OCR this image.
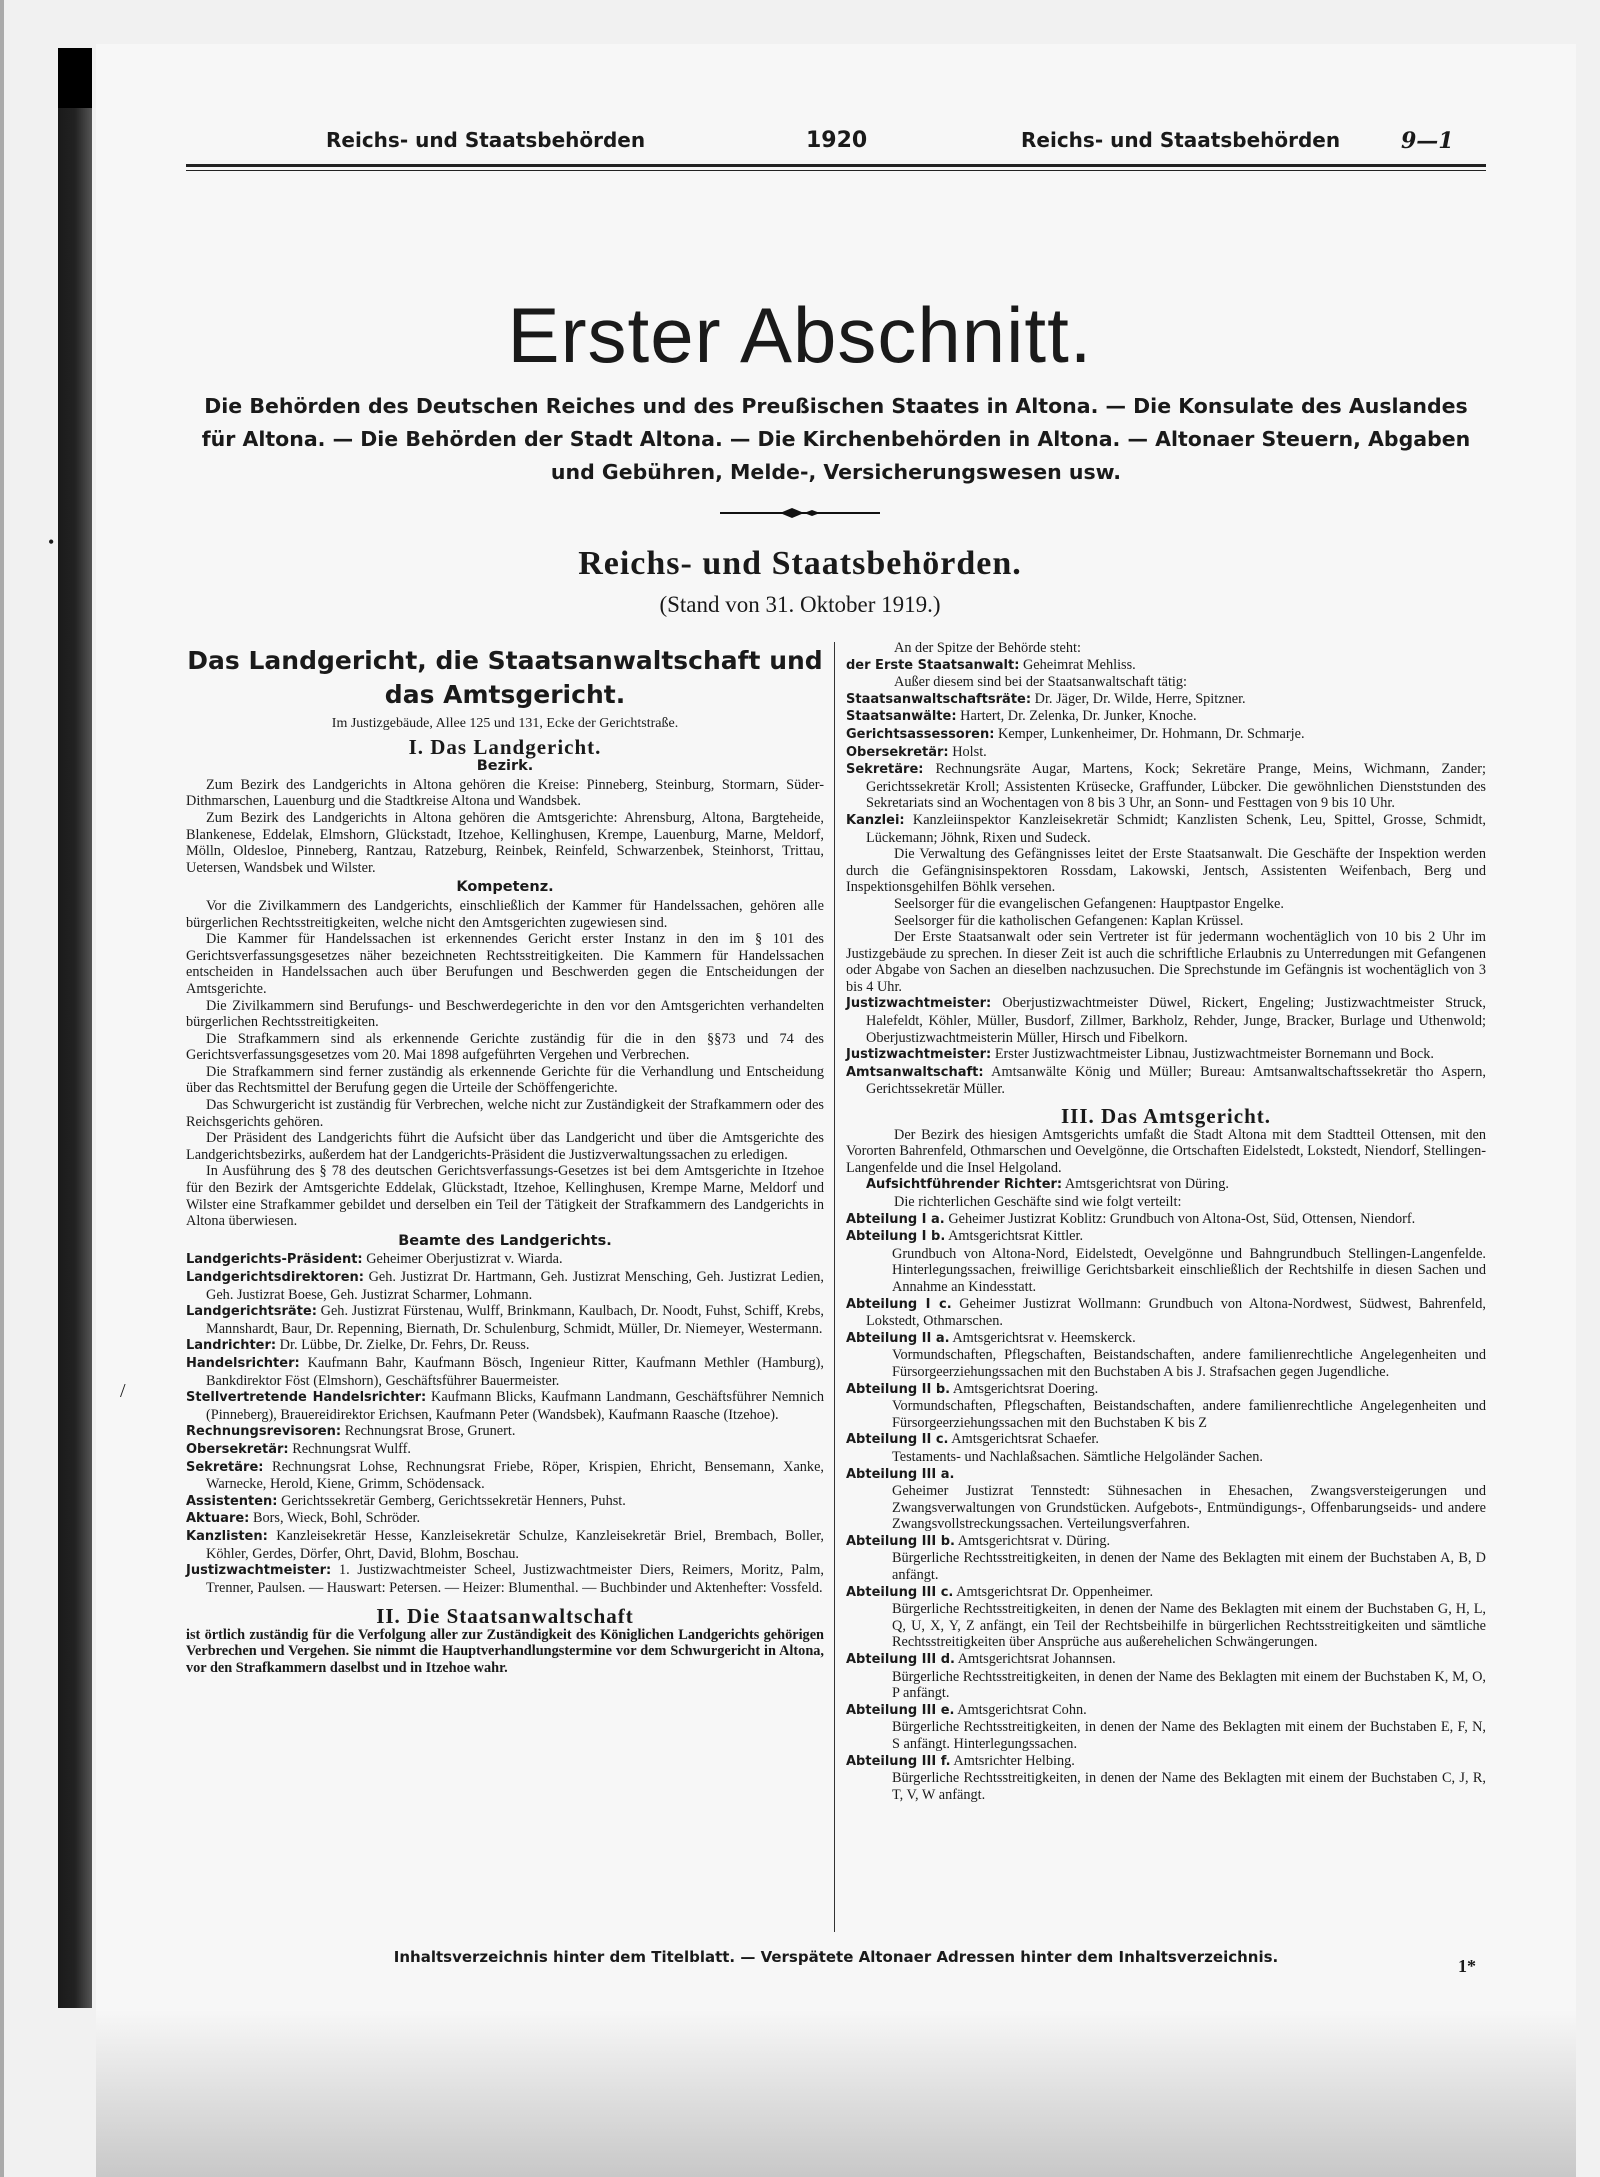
Reichs- und Staatsbehörden	1920	Reichs- und Staatsbehörden	9—1
Erster Abschnitt.
Die Behörden des Deutschen Reiches und des Preußischen Staates in Altona. — Die Konsulate des Auslandes für Altona. — Die Behörden der Stadt Altona. — Die Kirchenbehörden in Altona. — Altonaer Steuern, Abgaben und Gebühren, Melde-, Versicherungswesen usw.
Reichs- und Staatsbehörden.
(Stand von 31. Oktober 1919.)
Das Landgericht, die Staatsanwaltschaft und das Amtsgericht.
Im Justizgebäude, Allee 125 und 131, Ecke der Gerichtstraße.
I. Das Landgericht.
Bezirk.

Zum Bezirk des Landgerichts in Altona gehören die Kreise: Pinneberg, Steinburg, Stormarn, Süder-Dithmarschen, Lauenburg und die Stadtkreise Altona und Wandsbek.

Zum Bezirk des Landgerichts in Altona gehören die Amtsgerichte: Ahrensburg, Altona, Bargteheide, Blankenese, Eddelak, Elmshorn, Glückstadt, Itzehoe, Kellinghusen, Krempe, Lauenburg, Marne, Meldorf, Mölln, Oldesloe, Pinneberg, Rantzau, Ratzeburg, Reinbek, Reinfeld, Schwarzenbek, Steinhorst, Trittau, Uetersen, Wandsbek und Wilster.

Kompetenz.

Vor die Zivilkammern des Landgerichts, einschließlich der Kammer für Handelssachen, gehören alle bürgerlichen Rechtsstreitigkeiten, welche nicht den Amtsgerichten zugewiesen sind.

Die Kammer für Handelssachen ist erkennendes Gericht erster Instanz in den im § 101 des Gerichtsverfassungsgesetzes näher bezeichneten Rechtsstreitigkeiten. Die Kammern für Handelssachen entscheiden in Handelssachen auch über Berufungen und Beschwerden gegen die Entscheidungen der Amtsgerichte.

Die Zivilkammern sind Berufungs- und Beschwerdegerichte in den vor den Amtsgerichten verhandelten bürgerlichen Rechtsstreitigkeiten.

Die Strafkammern sind als erkennende Gerichte zuständig für die in den §§73 und 74 des Gerichtsverfassungsgesetzes vom 20. Mai 1898 aufgeführten Vergehen und Verbrechen.

Die Strafkammern sind ferner zuständig als erkennende Gerichte für die Verhandlung und Entscheidung über das Rechtsmittel der Berufung gegen die Urteile der Schöffengerichte.

Das Schwurgericht ist zuständig für Verbrechen, welche nicht zur Zuständigkeit der Strafkammern oder des Reichsgerichts gehören.

Der Präsident des Landgerichts führt die Aufsicht über das Landgericht und über die Amtsgerichte des Landgerichtsbezirks, außerdem hat der Landgerichts-Präsident die Justizverwaltungssachen zu erledigen.

In Ausführung des § 78 des deutschen Gerichtsverfassungs-Gesetzes ist bei dem Amtsgerichte in Itzehoe für den Bezirk der Amtsgerichte Eddelak, Glückstadt, Itzehoe, Kellinghusen, Krempe Marne, Meldorf und Wilster eine Strafkammer gebildet und derselben ein Teil der Tätigkeit der Strafkammern des Landgerichts in Altona überwiesen.

Beamte des Landgerichts.

Landgerichts-Präsident: Geheimer Oberjustizrat v. Wiarda.

Landgerichtsdirektoren: Geh. Justizrat Dr. Hartmann, Geh. Justizrat Mensching, Geh. Justizrat Ledien, Geh. Justizrat Boese, Geh. Justizrat Scharmer, Lohmann.

Landgerichtsräte: Geh. Justizrat Fürstenau, Wulff, Brinkmann, Kaulbach, Dr. Noodt, Fuhst, Schiff, Krebs, Mannshardt, Baur, Dr. Repenning, Biernath, Dr. Schulenburg, Schmidt, Müller, Dr. Niemeyer, Westermann.

Landrichter: Dr. Lübbe, Dr. Zielke, Dr. Fehrs, Dr. Reuss.

Handelsrichter: Kaufmann Bahr, Kaufmann Bösch, Ingenieur Ritter, Kaufmann Methler (Hamburg), Bankdirektor Föst (Elmshorn), Geschäftsführer Bauermeister.

Stellvertretende Handelsrichter: Kaufmann Blicks, Kaufmann Landmann, Geschäftsführer Nemnich (Pinneberg), Brauereidirektor Erichsen, Kaufmann Peter (Wandsbek), Kaufmann Raasche (Itzehoe).

Rechnungsrevisoren: Rechnungsrat Brose, Grunert.

Obersekretär: Rechnungsrat Wulff.

Sekretäre: Rechnungsrat Lohse, Rechnungsrat Friebe, Röper, Krispien, Ehricht, Bensemann, Xanke, Warnecke, Herold, Kiene, Grimm, Schödensack.

Assistenten: Gerichtssekretär Gemberg, Gerichtssekretär Henners, Puhst.

Aktuare: Bors, Wieck, Bohl, Schröder.

Kanzlisten: Kanzleisekretär Hesse, Kanzleisekretär Schulze, Kanzleisekretär Briel, Brembach, Boller, Köhler, Gerdes, Dörfer, Ohrt, David, Blohm, Boschau.

Justizwachtmeister: 1. Justizwachtmeister Scheel, Justizwachtmeister Diers, Reimers, Moritz, Palm, Trenner, Paulsen. — Hauswart: Petersen. — Heizer: Blumenthal. — Buchbinder und Aktenhefter: Vossfeld.

II. Die Staatsanwaltschaft

ist örtlich zuständig für die Verfolgung aller zur Zuständigkeit des Königlichen Landgerichts gehörigen Verbrechen und Vergehen. Sie nimmt die Hauptverhandlungstermine vor dem Schwurgericht in Altona, vor den Strafkammern daselbst und in Itzehoe wahr.

An der Spitze der Behörde steht:

der Erste Staatsanwalt: Geheimrat Mehliss.

Außer diesem sind bei der Staatsanwaltschaft tätig:

Staatsanwaltschaftsräte: Dr. Jäger, Dr. Wilde, Herre, Spitzner.

Staatsanwälte: Hartert, Dr. Zelenka, Dr. Junker, Knoche.

Gerichtsassessoren: Kemper, Lunkenheimer, Dr. Hohmann, Dr. Schmarje.

Obersekretär: Holst.

Sekretäre: Rechnungsräte Augar, Martens, Kock; Sekretäre Prange, Meins, Wichmann, Zander; Gerichtssekretär Kroll; Assistenten Krüsecke, Graffunder, Lübcker. Die gewöhnlichen Dienststunden des Sekretariats sind an Wochentagen von 8 bis 3 Uhr, an Sonn- und Festtagen von 9 bis 10 Uhr.

Kanzlei: Kanzleiinspektor Kanzleisekretär Schmidt; Kanzlisten Schenk, Leu, Spittel, Grosse, Schmidt, Lückemann; Jöhnk, Rixen und Sudeck.

Die Verwaltung des Gefängnisses leitet der Erste Staatsanwalt. Die Geschäfte der Inspektion werden durch die Gefängnisinspektoren Rossdam, Lakowski, Jentsch, Assistenten Weifenbach, Berg und Inspektionsgehilfen Böhlk versehen.

Seelsorger für die evangelischen Gefangenen: Hauptpastor Engelke.

Seelsorger für die katholischen Gefangenen: Kaplan Krüssel.

Der Erste Staatsanwalt oder sein Vertreter ist für jedermann wochentäglich von 10 bis 2 Uhr im Justizgebäude zu sprechen. In dieser Zeit ist auch die schriftliche Erlaubnis zu Unterredungen mit Gefangenen oder Abgabe von Sachen an dieselben nachzusuchen. Die Sprechstunde im Gefängnis ist wochentäglich von 3 bis 4 Uhr.

Justizwachtmeister: Oberjustizwachtmeister Düwel, Rickert, Engeling; Justizwachtmeister Struck, Halefeldt, Köhler, Müller, Busdorf, Zillmer, Barkholz, Rehder, Junge, Bracker, Burlage und Uthenwold; Oberjustizwachtmeisterin Müller, Hirsch und Fibelkorn.

Justizwachtmeister: Erster Justizwachtmeister Libnau, Justizwachtmeister Bornemann und Bock.

Amtsanwaltschaft: Amtsanwälte König und Müller; Bureau: Amtsanwaltschaftssekretär tho Aspern, Gerichtssekretär Müller.

III. Das Amtsgericht.

Der Bezirk des hiesigen Amtsgerichts umfaßt die Stadt Altona mit dem Stadtteil Ottensen, mit den Vororten Bahrenfeld, Othmarschen und Oevelgönne, die Ortschaften Eidelstedt, Lokstedt, Niendorf, Stellingen-Langenfelde und die Insel Helgoland.

Aufsichtführender Richter: Amtsgerichtsrat von Düring.

Die richterlichen Geschäfte sind wie folgt verteilt:

Abteilung I a. Geheimer Justizrat Koblitz: Grundbuch von Altona-Ost, Süd, Ottensen, Niendorf.

Abteilung I b. Amtsgerichtsrat Kittler.

Grundbuch von Altona-Nord, Eidelstedt, Oevelgönne und Bahngrundbuch Stellingen-Langenfelde. Hinterlegungssachen, freiwillige Gerichtsbarkeit einschließlich der Rechtshilfe in diesen Sachen und Annahme an Kindesstatt.

Abteilung I c. Geheimer Justizrat Wollmann: Grundbuch von Altona-Nordwest, Südwest, Bahrenfeld, Lokstedt, Othmarschen.

Abteilung II a. Amtsgerichtsrat v. Heemskerck.

Vormundschaften, Pflegschaften, Beistandschaften, andere familienrechtliche Angelegenheiten und Fürsorgeerziehungssachen mit den Buchstaben A bis J. Strafsachen gegen Jugendliche.

Abteilung II b. Amtsgerichtsrat Doering.

Vormundschaften, Pflegschaften, Beistandschaften, andere familienrechtliche Angelegenheiten und Fürsorgeerziehungssachen mit den Buchstaben K bis Z

Abteilung II c. Amtsgerichtsrat Schaefer.

Testaments- und Nachlaßsachen. Sämtliche Helgoländer Sachen.

Abteilung III a.

Geheimer Justizrat Tennstedt: Sühnesachen in Ehesachen, Zwangsversteigerungen und Zwangsverwaltungen von Grundstücken. Aufgebots-, Entmündigungs-, Offenbarungseids- und andere Zwangsvollstreckungssachen. Verteilungsverfahren.

Abteilung III b. Amtsgerichtsrat v. Düring.

Bürgerliche Rechtsstreitigkeiten, in denen der Name des Beklagten mit einem der Buchstaben A, B, D anfängt.

Abteilung III c. Amtsgerichtsrat Dr. Oppenheimer.

Bürgerliche Rechtsstreitigkeiten, in denen der Name des Beklagten mit einem der Buchstaben G, H, L, Q, U, X, Y, Z anfängt, ein Teil der Rechtsbeihilfe in bürgerlichen Rechtsstreitigkeiten und sämtliche Rechtsstreitigkeiten über Ansprüche aus außerehelichen Schwängerungen.

Abteilung III d. Amtsgerichtsrat Johannsen.

Bürgerliche Rechtsstreitigkeiten, in denen der Name des Beklagten mit einem der Buchstaben K, M, O, P anfängt.

Abteilung III e. Amtsgerichtsrat Cohn.

Bürgerliche Rechtsstreitigkeiten, in denen der Name des Beklagten mit einem der Buchstaben E, F, N, S anfängt. Hinterlegungssachen.

Abteilung III f. Amtsrichter Helbing.

Bürgerliche Rechtsstreitigkeiten, in denen der Name des Beklagten mit einem der Buchstaben C, J, R, T, V, W anfängt.

Inhaltsverzeichnis hinter dem Titelblatt. — Verspätete Altonaer Adressen hinter dem Inhaltsverzeichnis.	1*
•
/
